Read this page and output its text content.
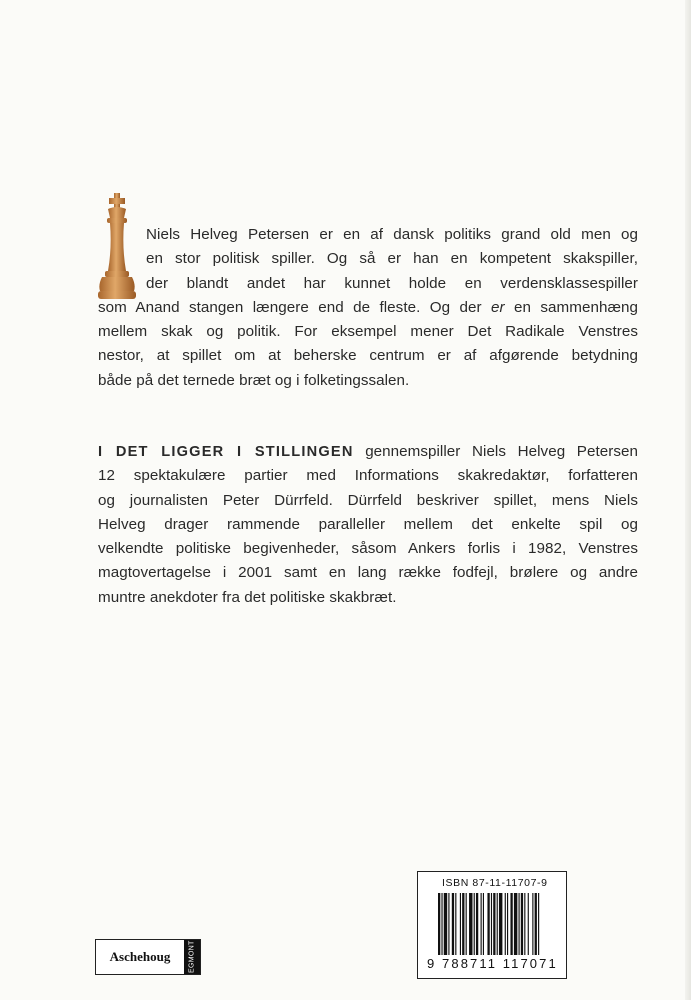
Niels Helveg Petersen er en af dansk politiks grand old men og
en stor politisk spiller. Og så er han en kompetent skakspiller,
der blandt andet har kunnet holde en verdensklassespiller
som Anand stangen længere end de fleste. Og der er en sammenhæng
mellem skak og politik. For eksempel mener Det Radikale Venstres
nestor, at spillet om at beherske centrum er af afgørende betydning
både på det ternede bræt og i folketingssalen.
I DET LIGGER I STILLINGEN gennemspiller Niels Helveg Petersen
12 spektakulære partier med Informations skakredaktør, forfatteren
og journalisten Peter Dürrfeld. Dürrfeld beskriver spillet, mens Niels
Helveg drager rammende paralleller mellem det enkelte spil og
velkendte politiske begivenheder, såsom Ankers forlis i 1982, Venstres
magtovertagelse i 2001 samt en lang række fodfejl, brølere og andre
muntre anekdoter fra det politiske skakbræt.
Aschehoug	EGMONT
ISBN 87-11-11707-9
9 788711 117071
